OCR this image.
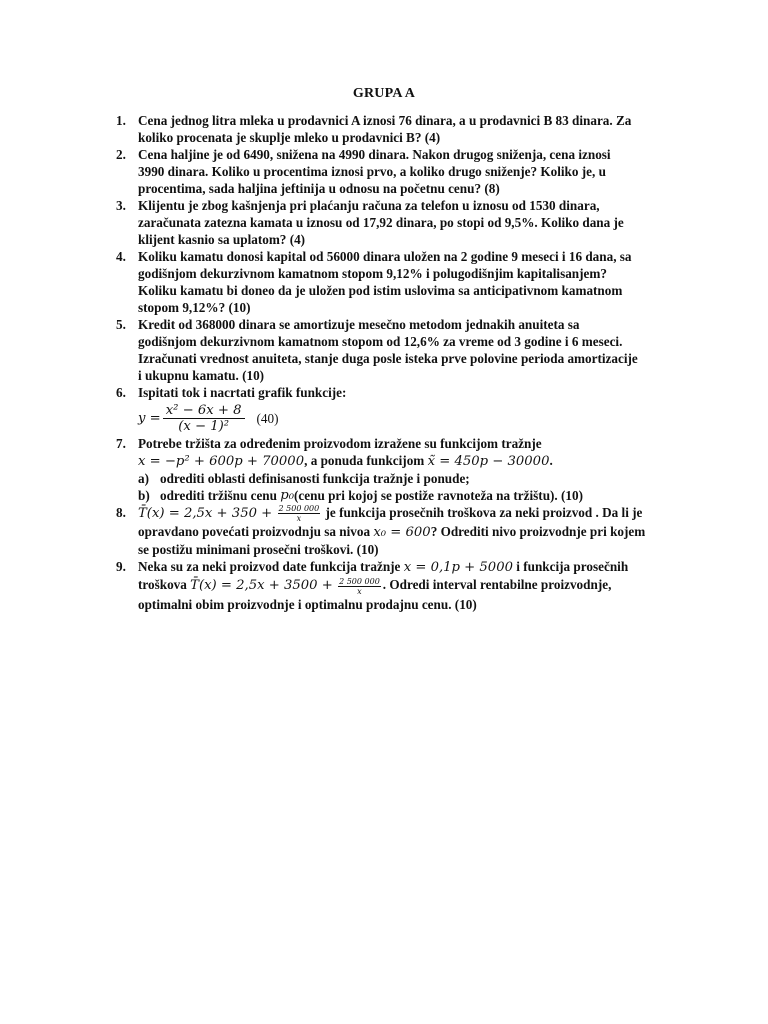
GRUPA A
1. Cena jednog litra mleka u prodavnici A iznosi 76 dinara, a u prodavnici B 83 dinara. Za
koliko procenata je skuplje mleko u prodavnici B? (4)
2. Cena haljine je od 6490, snižena na 4990 dinara. Nakon drugog sniženja, cena iznosi
3990 dinara. Koliko u procentima iznosi prvo, a koliko drugo sniženje? Koliko je, u
procentima, sada haljina jeftinija u odnosu na početnu cenu? (8)
3. Klijentu je zbog kašnjenja pri plaćanju računa za telefon u iznosu od 1530 dinara,
zaračunata zatezna kamata u iznosu od 17,92 dinara, po stopi od 9,5%. Koliko dana je
klijent kasnio sa uplatom? (4)
4. Koliku kamatu donosi kapital od 56000 dinara uložen na 2 godine 9 meseci i 16 dana, sa
godišnjom dekurzivnom kamatnom stopom 9,12% i polugodišnjim kapitalisanjem?
Koliku kamatu bi doneo da je uložen pod istim uslovima sa anticipativnom kamatnom
stopom 9,12%? (10)
5. Kredit od 368000 dinara se amortizuje mesečno metodom jednakih anuiteta sa
godišnjom dekurzivnom kamatnom stopom od 12,6% za vreme od 3 godine i 6 meseci.
Izračunati vrednost anuiteta, stanje duga posle isteka prve polovine perioda amortizacije
i ukupnu kamatu. (10)
6. Ispitati tok i nacrtati grafik funkcije:
$y = \frac{\text{x² − 6x + 8}}{\text{(x − 1)²}} (40)$
7. Potrebe tržišta za određenim proizvodom izražene su funkcijom tražnje
x = −p² + 600p + 70000, a ponuda funkcijom x̃ = 450p − 30000.
a) odrediti oblasti definisanosti funkcija tražnje i ponude;
b) odrediti tržišnu cenu
p₀ (cenu pri kojoj se postiže ravnoteža na tržištu). (10)
8. T̄(x) = $2,5x + 350 + \frac{2 500 000}{x}$ je funkcija prosečnih troškova za neki proizvod . Da li je
opravdano povećati proizvodnju sa nivoa x₀ = 600? Odrediti nivo proizvodnje pri kojem
se postižu minimani prosečni troškovi. (10)
9. Neka su za neki proizvod date funkcija tražnje x = 0,1p + 5000 i funkcija prosečnih
troškova T̄(x) = $2,5x + 3500 + \frac{2 500 000}{x}$ . Odredi interval rentabilne proizvodnje,
optimalni obim proizvodnje i optimalnu prodajnu cenu. (10)
